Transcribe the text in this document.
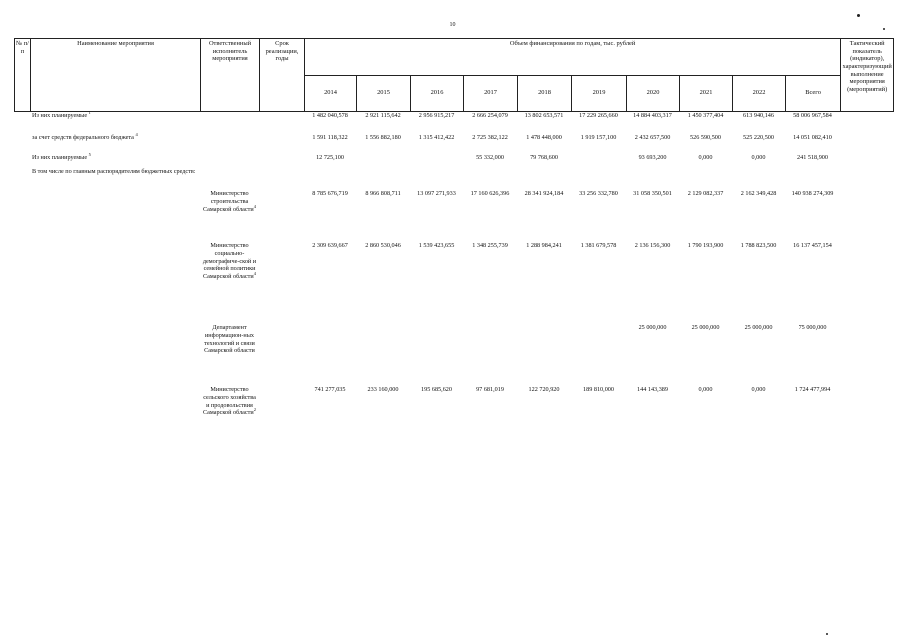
10
№ п/п	Наименование мероприятия	Ответственный исполнитель мероприятия	Срок реализации, годы	Объем финансирования по годам, тыс. рублей										Тактический показатель (индикатор), характеризующий выполнение мероприятия (мероприятий)
				2014	2015	2016	2017	2018	2019	2020	2021	2022	Всего	
	Из них планируемые $^1$			1 482 040,578	2 921 115,642	2 956 915,217	2 666 254,079	13 802 653,571	17 229 265,660	14 884 403,317	1 450 377,404	613 940,146	58 006 967,584	
	за счет средств федерального бюджета $^4$			1 591 118,322	1 556 882,180	1 315 412,422	2 725 382,122	1 478 448,000	1 919 157,100	2 432 657,500	526 590,500	525 220,500	14 051 082,410	
	Из них планируемые $^5$			12 725,100			55 332,000	79 768,600		93 693,200	0,000	0,000	241 518,900	
	В том числе по главным распорядителям бюджетных средств:													
		Министерство строительства Самарской области$^4$		8 785 676,719	8 966 808,711	13 097 271,933	17 160 626,396	28 341 924,184	33 256 332,780	31 058 350,501	2 129 082,337	2 162 349,428	140 938 274,309	
		Министерство социально-демографиче-ской и семейной политики Самарской области$^4$		2 309 639,667	2 860 530,046	1 539 423,655	1 348 255,739	1 288 984,241	1 381 679,578	2 136 156,300	1 790 193,900	1 788 823,500	16 137 457,154	
		Департамент информацион-ных технологий и связи Самарской области								25 000,000	25 000,000	25 000,000	75 000,000	
		Министерство сельского хозяйства и продовольствия Самарской области$^2$		741 277,035	233 160,000	195 685,620	97 681,019	122 720,920	189 810,000	144 143,389	0,000	0,000	1 724 477,994	
